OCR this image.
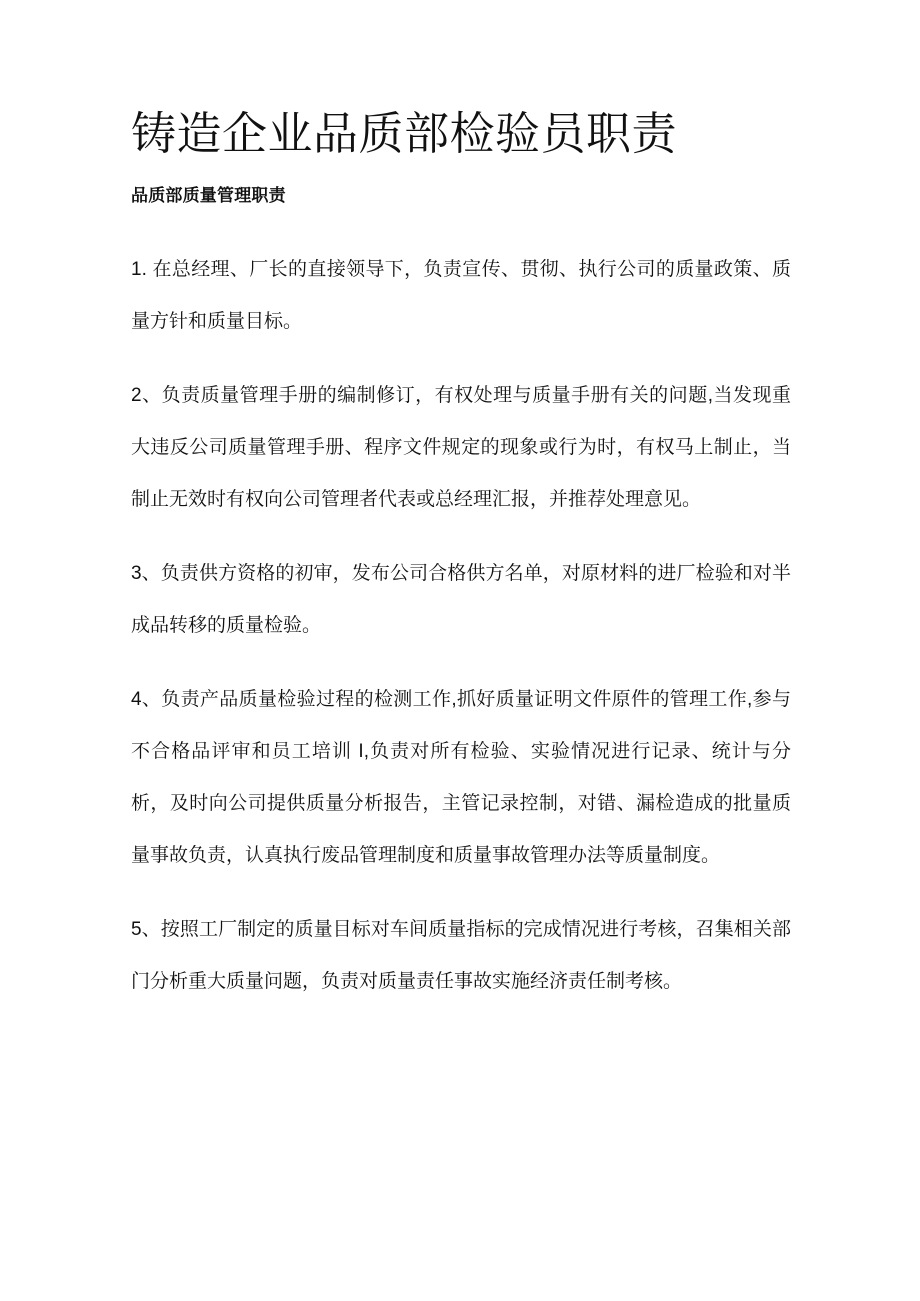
铸造企业品质部检验员职责
品质部质量管理职责

1. 在总经理、厂长的直接领导下，负责宣传、贯彻、执行公司的质量政策、质量方针和质量目标。

2、负责质量管理手册的编制修订，有权处理与质量手册有关的问题,当发现重大违反公司质量管理手册、程序文件规定的现象或行为时，有权马上制止，当制止无效时有权向公司管理者代表或总经理汇报，并推荐处理意见。

3、负责供方资格的初审，发布公司合格供方名单，对原材料的进厂检验和对半成品转移的质量检验。

4、负责产品质量检验过程的检测工作,抓好质量证明文件原件的管理工作,参与不合格品评审和员工培训 I,负责对所有检验、实验情况进行记录、统计与分析，及时向公司提供质量分析报告，主管记录控制，对错、漏检造成的批量质量事故负责，认真执行废品管理制度和质量事故管理办法等质量制度。

5、按照工厂制定的质量目标对车间质量指标的完成情况进行考核，召集相关部门分析重大质量问题，负责对质量责任事故实施经济责任制考核。
